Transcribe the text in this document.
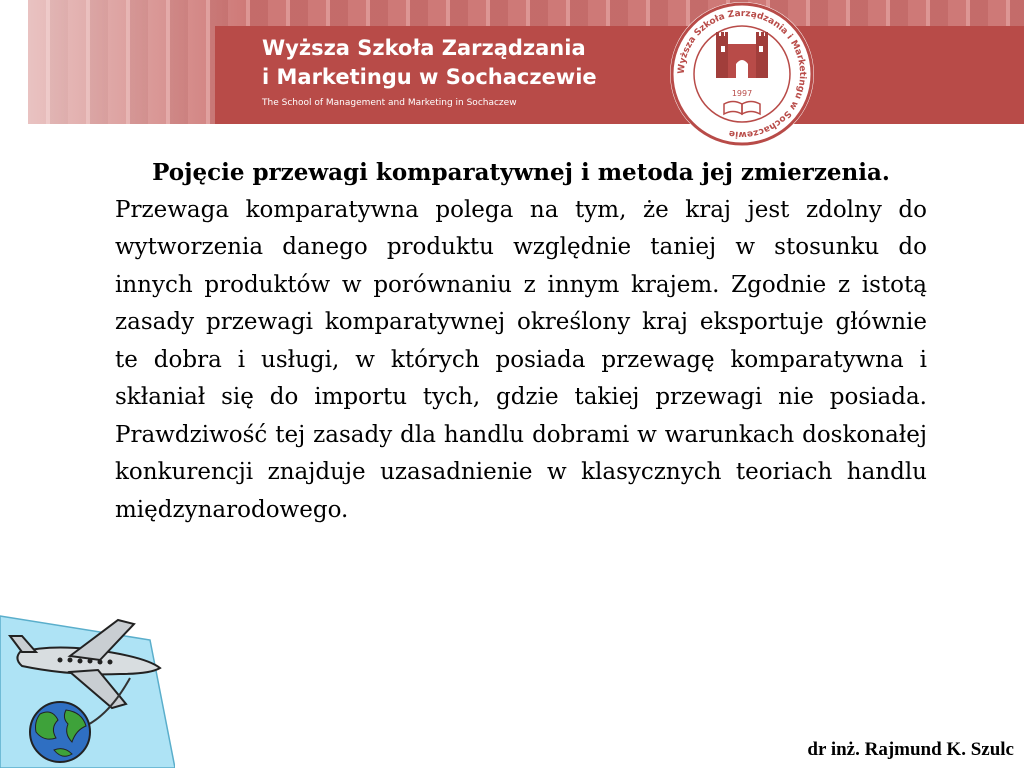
Wyższa Szkoła Zarządzania
i Marketingu w Sochaczewie
The School of Management and Marketing in Sochaczew
Wyższa Szkoła Zarządzania i Marketingu w Sochaczewie
1997

Pojęcie przewagi komparatywnej i metoda jej zmierzenia.

Przewaga komparatywna polega na tym, że kraj jest zdolny do wytworzenia danego produktu względnie taniej w stosunku do innych produktów w porównaniu z innym krajem. Zgodnie z istotą zasady przewagi komparatywnej określony kraj eksportuje głównie te dobra i usługi, w których posiada przewagę komparatywna i skłaniał się do importu tych, gdzie takiej przewagi nie posiada. Prawdziwość tej zasady dla handlu dobrami w warunkach doskonałej konkurencji znajduje uzasadnienie w klasycznych teoriach handlu międzynarodowego.

dr inż. Rajmund K. Szulc
